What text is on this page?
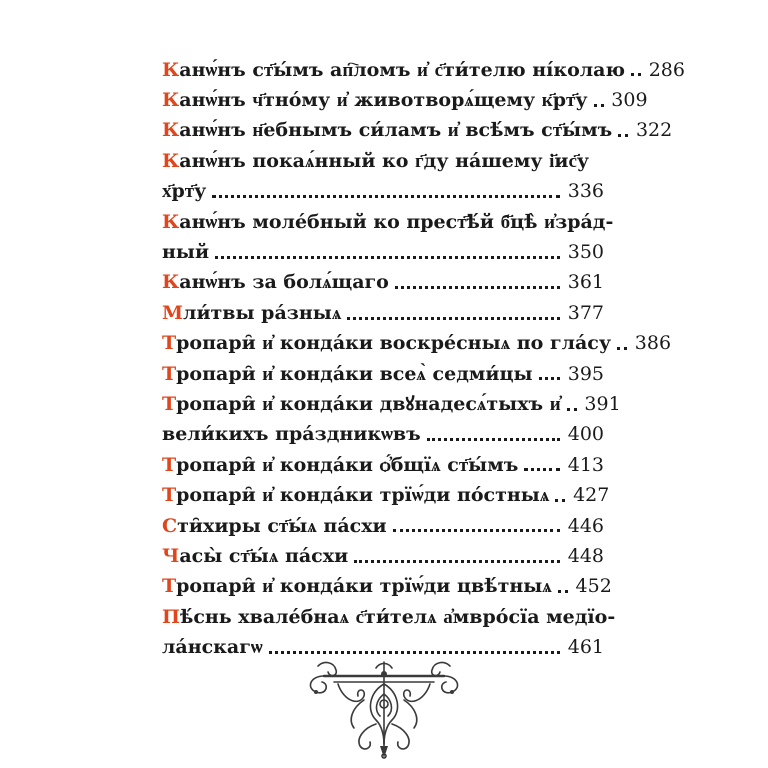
К анѡ́нъ ст҃ы́мъ ап҇ломъ и҆ с҃ти́телю ні́колаю 286
К анѡ́нъ ч҃тно́му и҆ животворѧ́щему к҃рт҃у 309
К анѡ́нъ н҃ебнымъ си́ламъ и҆ всѣ́мъ ст҃ы́мъ 322
К анѡ́нъ покаѧ́нный ко г҃ду на́шему і҃ис҃у
х҃рт҃у	336
К анѡ́нъ моле́бный ко прест҃ѣ́й б҃цѣ̀ и҆зра́д-
ный	350
К анѡ́нъ за болѧ́щаго	361
М ли́твы ра́зныѧ	377
Т ропари̑ и҆ конда́ки воскре́сныѧ по гла́су 386
Т ропари̑ и҆ конда́ки всеѧ̀ седми́цы 395
Т ропари̑ и҆ конда́ки двꙋнадесѧ́тыхъ и҆ 391
вели́кихъ пра́здникѡвъ	400
Т ропари̑ и҆ конда́ки ѻ҆́бщїѧ ст҃ы́мъ	413
Т ропари̑ и҆ конда́ки трїѡ́ди по́стныѧ 427
С ти̑хиры ст҃ы́ѧ па́схи	446
Ч асы̀ ст҃ы́ѧ па́схи	448
Т ропари̑ и҆ конда́ки трїѡ́ди цвѣ́тныѧ 452
П ѣ́снь хвале́бнаѧ с҃ти́телѧ а҆мвро́сїа медїо-
ла́нскагѡ	461
